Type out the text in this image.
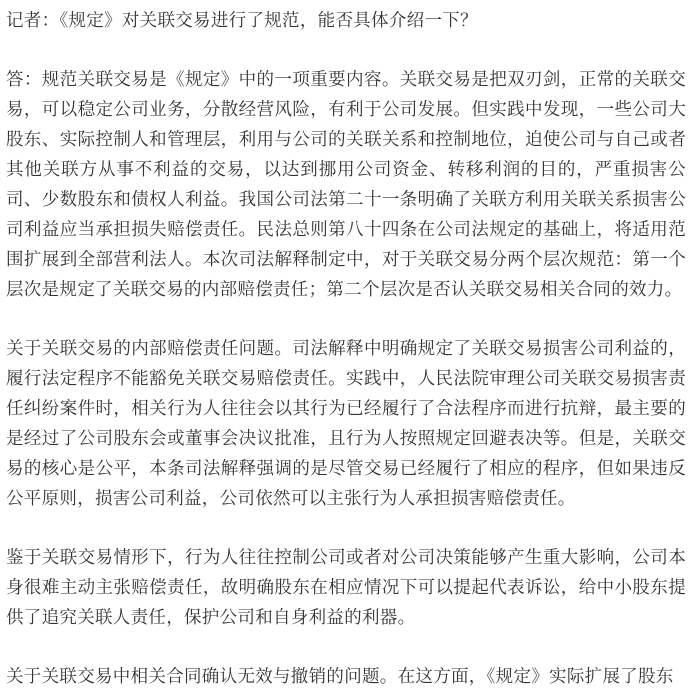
记者：《规定》对关联交易进行了规范，能否具体介绍一下？

答：规范关联交易是《规定》中的一项重要内容。关联交易是把双刃剑，正常的关联交易，可以稳定公司业务，分散经营风险，有利于公司发展。但实践中发现，一些公司大股东、实际控制人和管理层，利用与公司的关联关系和控制地位，迫使公司与自己或者其他关联方从事不利益的交易，以达到挪用公司资金、转移利润的目的，严重损害公司、少数股东和债权人利益。我国公司法第二十一条明确了关联方利用关联关系损害公司利益应当承担损失赔偿责任。民法总则第八十四条在公司法规定的基础上，将适用范围扩展到全部营利法人。本次司法解释制定中，对于关联交易分两个层次规范：第一个层次是规定了关联交易的内部赔偿责任；第二个层次是否认关联交易相关合同的效力。

关于关联交易的内部赔偿责任问题。司法解释中明确规定了关联交易损害公司利益的，履行法定程序不能豁免关联交易赔偿责任。实践中，人民法院审理公司关联交易损害责任纠纷案件时，相关行为人往往会以其行为已经履行了合法程序而进行抗辩，最主要的是经过了公司股东会或董事会决议批准，且行为人按照规定回避表决等。但是，关联交易的核心是公平，本条司法解释强调的是尽管交易已经履行了相应的程序，但如果违反公平原则，损害公司利益，公司依然可以主张行为人承担损害赔偿责任。

鉴于关联交易情形下，行为人往往控制公司或者对公司决策能够产生重大影响，公司本身很难主动主张赔偿责任，故明确股东在相应情况下可以提起代表诉讼，给中小股东提供了追究关联人责任，保护公司和自身利益的利器。

关于关联交易中相关合同确认无效与撤销的问题。在这方面，《规定》实际扩展了股东
